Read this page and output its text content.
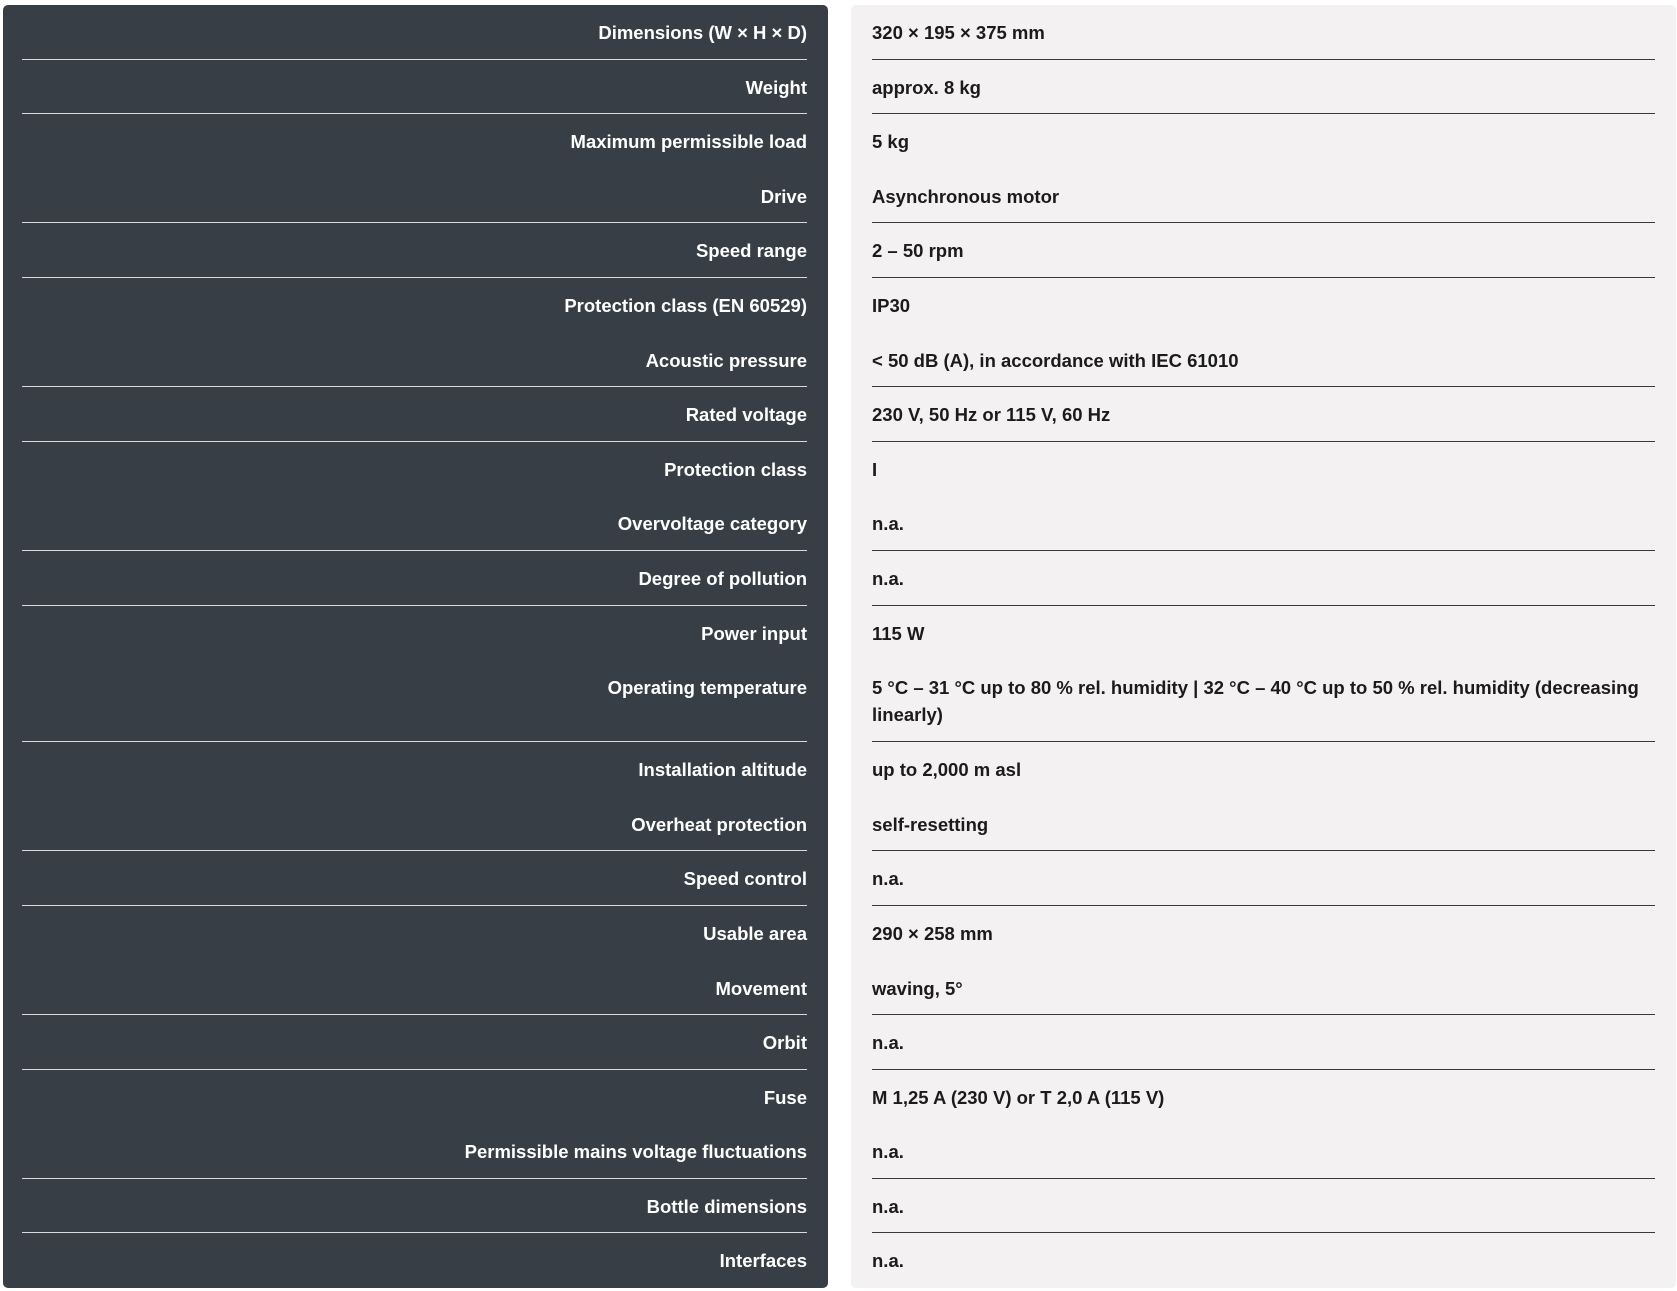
Dimensions (W × H × D)	320 × 195 × 375 mm
Weight	approx. 8 kg
Maximum permissible load	5 kg
Drive	Asynchronous motor
Speed range	2 – 50 rpm
Protection class (EN 60529)	IP30
Acoustic pressure	< 50 dB (A), in accordance with IEC 61010
Rated voltage	230 V, 50 Hz or 115 V, 60 Hz
Protection class	I
Overvoltage category	n.a.
Degree of pollution	n.a.
Power input	115 W
Operating temperature	5 °C – 31 °C up to 80 % rel. humidity | 32 °C – 40 °C up to 50 % rel. humidity (decreasing linearly)
Installation altitude	up to 2,000 m asl
Overheat protection	self-resetting
Speed control	n.a.
Usable area	290 × 258 mm
Movement	waving, 5°
Orbit	n.a.
Fuse	M 1,25 A (230 V) or T 2,0 A (115 V)
Permissible mains voltage fluctuations	n.a.
Bottle dimensions	n.a.
Interfaces	n.a.
